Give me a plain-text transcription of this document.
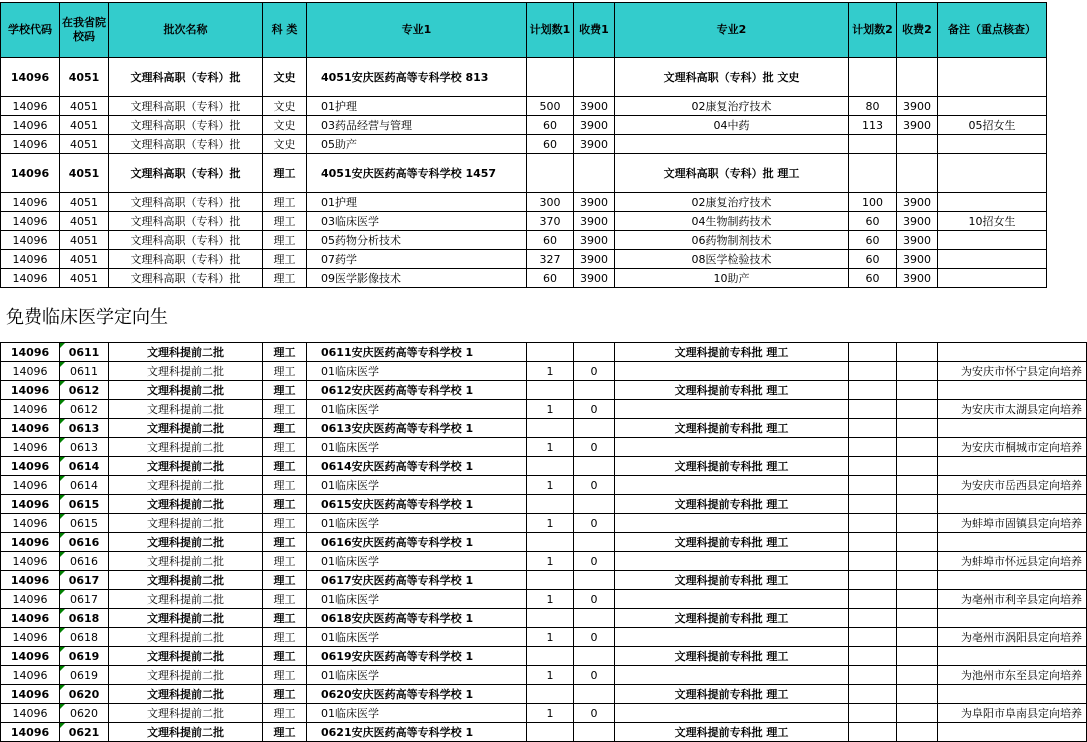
学校代码	在我省院校码	批次名称	科 类	专业1	计划数1	收费1	专业2	计划数2	收费2	备注（重点核查）
14096	4051	文理科高职（专科）批	文史	4051安庆医药高等专科学校 813			文理科高职（专科）批 文史			
14096	4051	文理科高职（专科）批	文史	01护理	500	3900	02康复治疗技术	80	3900	
14096	4051	文理科高职（专科）批	文史	03药品经营与管理	60	3900	04中药	113	3900	05招女生
14096	4051	文理科高职（专科）批	文史	05助产	60	3900				
14096	4051	文理科高职（专科）批	理工	4051安庆医药高等专科学校 1457			文理科高职（专科）批 理工			
14096	4051	文理科高职（专科）批	理工	01护理	300	3900	02康复治疗技术	100	3900	
14096	4051	文理科高职（专科）批	理工	03临床医学	370	3900	04生物制药技术	60	3900	10招女生
14096	4051	文理科高职（专科）批	理工	05药物分析技术	60	3900	06药物制剂技术	60	3900	
14096	4051	文理科高职（专科）批	理工	07药学	327	3900	08医学检验技术	60	3900	
14096	4051	文理科高职（专科）批	理工	09医学影像技术	60	3900	10助产	60	3900	
免费临床医学定向生
14096	0611	文理科提前二批	理工	0611安庆医药高等专科学校 1			文理科提前专科批 理工			
14096	0611	文理科提前二批	理工	01临床医学	1	0				为安庆市怀宁县定向培养
14096	0612	文理科提前二批	理工	0612安庆医药高等专科学校 1			文理科提前专科批 理工			
14096	0612	文理科提前二批	理工	01临床医学	1	0				为安庆市太湖县定向培养
14096	0613	文理科提前二批	理工	0613安庆医药高等专科学校 1			文理科提前专科批 理工			
14096	0613	文理科提前二批	理工	01临床医学	1	0				为安庆市桐城市定向培养
14096	0614	文理科提前二批	理工	0614安庆医药高等专科学校 1			文理科提前专科批 理工			
14096	0614	文理科提前二批	理工	01临床医学	1	0				为安庆市岳西县定向培养
14096	0615	文理科提前二批	理工	0615安庆医药高等专科学校 1			文理科提前专科批 理工			
14096	0615	文理科提前二批	理工	01临床医学	1	0				为蚌埠市固镇县定向培养
14096	0616	文理科提前二批	理工	0616安庆医药高等专科学校 1			文理科提前专科批 理工			
14096	0616	文理科提前二批	理工	01临床医学	1	0				为蚌埠市怀远县定向培养
14096	0617	文理科提前二批	理工	0617安庆医药高等专科学校 1			文理科提前专科批 理工			
14096	0617	文理科提前二批	理工	01临床医学	1	0				为亳州市利辛县定向培养
14096	0618	文理科提前二批	理工	0618安庆医药高等专科学校 1			文理科提前专科批 理工			
14096	0618	文理科提前二批	理工	01临床医学	1	0				为亳州市涡阳县定向培养
14096	0619	文理科提前二批	理工	0619安庆医药高等专科学校 1			文理科提前专科批 理工			
14096	0619	文理科提前二批	理工	01临床医学	1	0				为池州市东至县定向培养
14096	0620	文理科提前二批	理工	0620安庆医药高等专科学校 1			文理科提前专科批 理工			
14096	0620	文理科提前二批	理工	01临床医学	1	0				为阜阳市阜南县定向培养
14096	0621	文理科提前二批	理工	0621安庆医药高等专科学校 1			文理科提前专科批 理工			
